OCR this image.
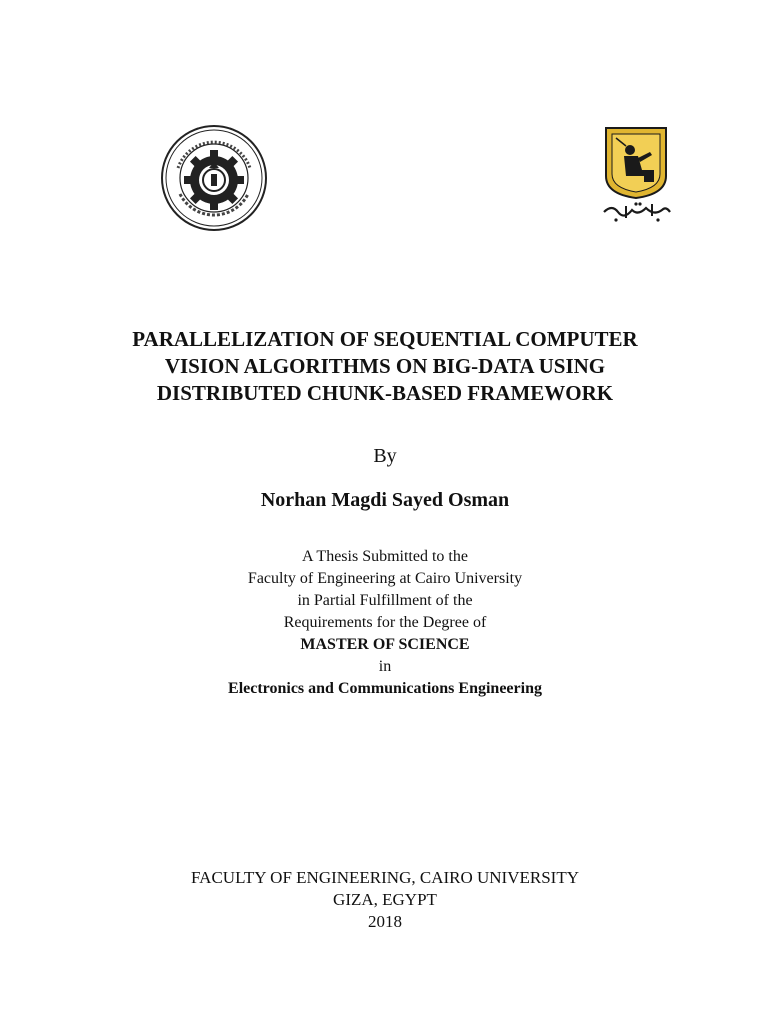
PARALLELIZATION OF SEQUENTIAL COMPUTER
VISION ALGORITHMS ON BIG-DATA USING
DISTRIBUTED CHUNK-BASED FRAMEWORK
By
Norhan Magdi Sayed Osman
A Thesis Submitted to the
Faculty of Engineering at Cairo University
in Partial Fulfillment of the
Requirements for the Degree of
MASTER OF SCIENCE
in
Electronics and Communications Engineering
FACULTY OF ENGINEERING, CAIRO UNIVERSITY
GIZA, EGYPT
2018
